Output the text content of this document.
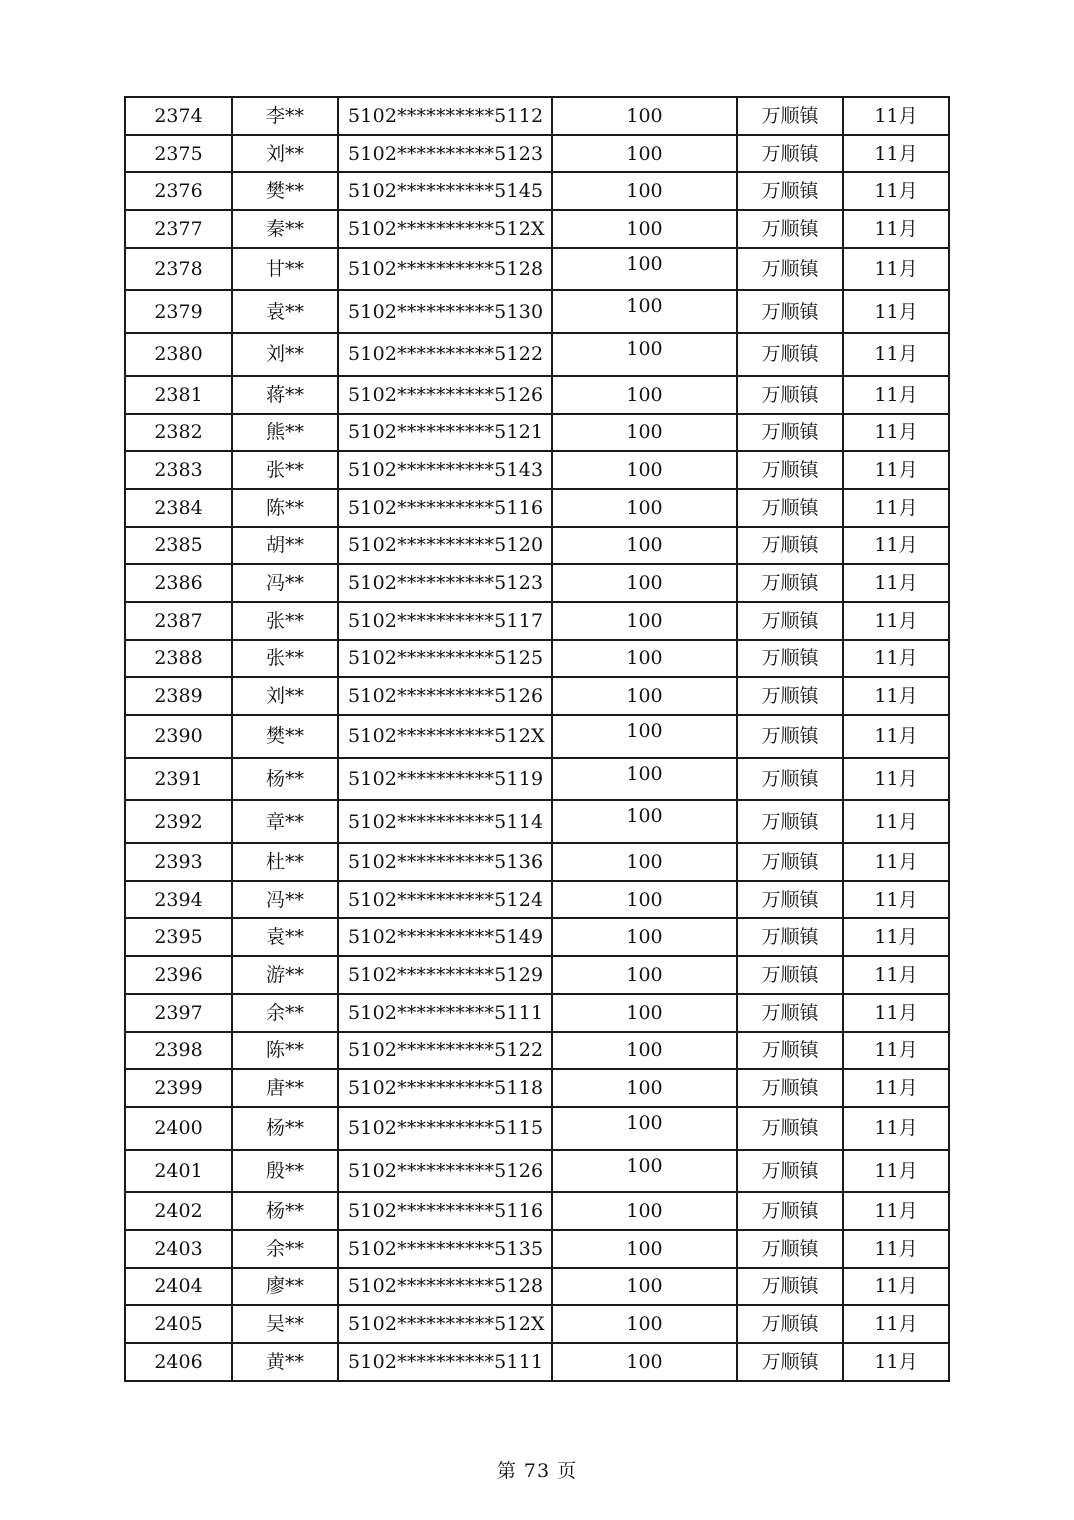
2374	李**	5102**********5112	100	万顺镇	11月
2375	刘**	5102**********5123	100	万顺镇	11月
2376	樊**	5102**********5145	100	万顺镇	11月
2377	秦**	5102**********512X	100	万顺镇	11月
2378	甘**	5102**********5128	100	万顺镇	11月
2379	袁**	5102**********5130	100	万顺镇	11月
2380	刘**	5102**********5122	100	万顺镇	11月
2381	蒋**	5102**********5126	100	万顺镇	11月
2382	熊**	5102**********5121	100	万顺镇	11月
2383	张**	5102**********5143	100	万顺镇	11月
2384	陈**	5102**********5116	100	万顺镇	11月
2385	胡**	5102**********5120	100	万顺镇	11月
2386	冯**	5102**********5123	100	万顺镇	11月
2387	张**	5102**********5117	100	万顺镇	11月
2388	张**	5102**********5125	100	万顺镇	11月
2389	刘**	5102**********5126	100	万顺镇	11月
2390	樊**	5102**********512X	100	万顺镇	11月
2391	杨**	5102**********5119	100	万顺镇	11月
2392	章**	5102**********5114	100	万顺镇	11月
2393	杜**	5102**********5136	100	万顺镇	11月
2394	冯**	5102**********5124	100	万顺镇	11月
2395	袁**	5102**********5149	100	万顺镇	11月
2396	游**	5102**********5129	100	万顺镇	11月
2397	余**	5102**********5111	100	万顺镇	11月
2398	陈**	5102**********5122	100	万顺镇	11月
2399	唐**	5102**********5118	100	万顺镇	11月
2400	杨**	5102**********5115	100	万顺镇	11月
2401	殷**	5102**********5126	100	万顺镇	11月
2402	杨**	5102**********5116	100	万顺镇	11月
2403	余**	5102**********5135	100	万顺镇	11月
2404	廖**	5102**********5128	100	万顺镇	11月
2405	吴**	5102**********512X	100	万顺镇	11月
2406	黄**	5102**********5111	100	万顺镇	11月
第 73 页
